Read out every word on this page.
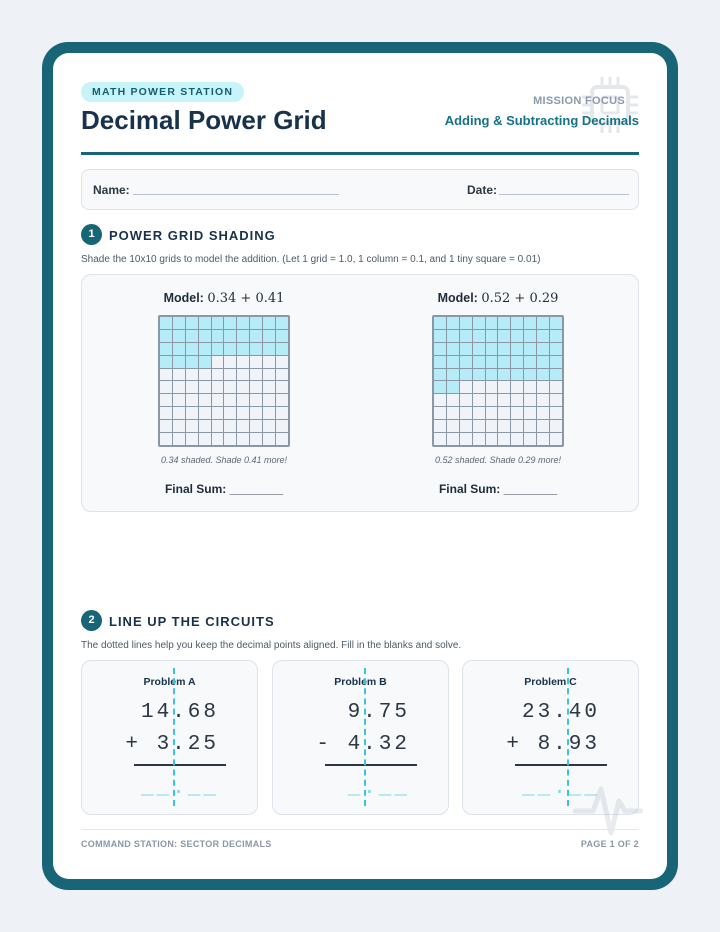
MATH POWER STATION
Decimal Power Grid
MISSION FOCUS
Adding & Subtracting Decimals
Name:	Date:
1	POWER GRID SHADING
Shade the 10x10 grids to model the addition. (Let 1 grid = 1.0, 1 column = 0.1, and 1 tiny square = 0.01)
Model: 0.34 + 0.41
0.34 shaded. Shade 0.41 more!
Final Sum: ________
Model: 0.52 + 0.29
0.52 shaded. Shade 0.29 more!
Final Sum: ________
2	LINE UP THE CIRCUITS
The dotted lines help you keep the decimal points aligned. Fill in the blanks and solve.
Problem A
14.68
+ 3.25
__.__
Problem B
9.75
- 4.32
_.__
Problem C
23.40
+ 8.93
__.__
COMMAND STATION: SECTOR DECIMALS	PAGE 1 OF 2
